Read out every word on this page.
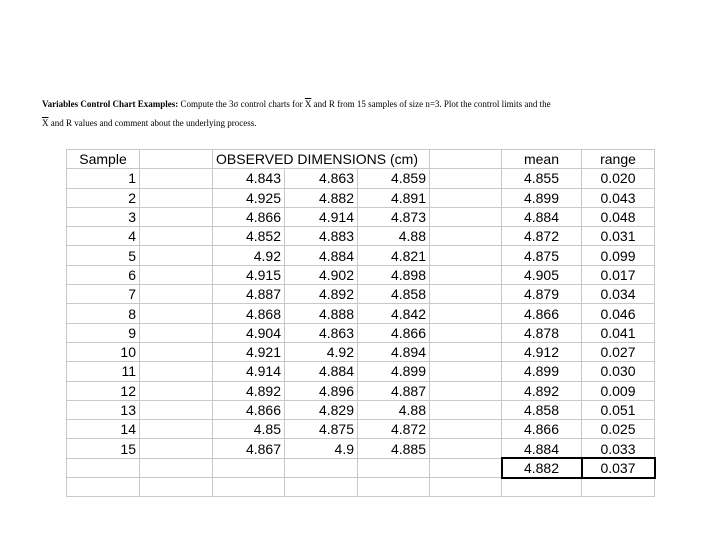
Variables Control Chart Examples: Compute the 3σ control charts for $\overline{X}$ and R from 15 samples of size n=3. Plot the control limits and the
$\overline{X}$ and R values and comment about the underlying process.
Sample		OBSERVED DIMENSIONS (cm)				mean	range
1		4.843	4.863	4.859		4.855	0.020
2		4.925	4.882	4.891		4.899	0.043
3		4.866	4.914	4.873		4.884	0.048
4		4.852	4.883	4.88		4.872	0.031
5		4.92	4.884	4.821		4.875	0.099
6		4.915	4.902	4.898		4.905	0.017
7		4.887	4.892	4.858		4.879	0.034
8		4.868	4.888	4.842		4.866	0.046
9		4.904	4.863	4.866		4.878	0.041
10		4.921	4.92	4.894		4.912	0.027
11		4.914	4.884	4.899		4.899	0.030
12		4.892	4.896	4.887		4.892	0.009
13		4.866	4.829	4.88		4.858	0.051
14		4.85	4.875	4.872		4.866	0.025
15		4.867	4.9	4.885		4.884	0.033
						4.882	0.037
